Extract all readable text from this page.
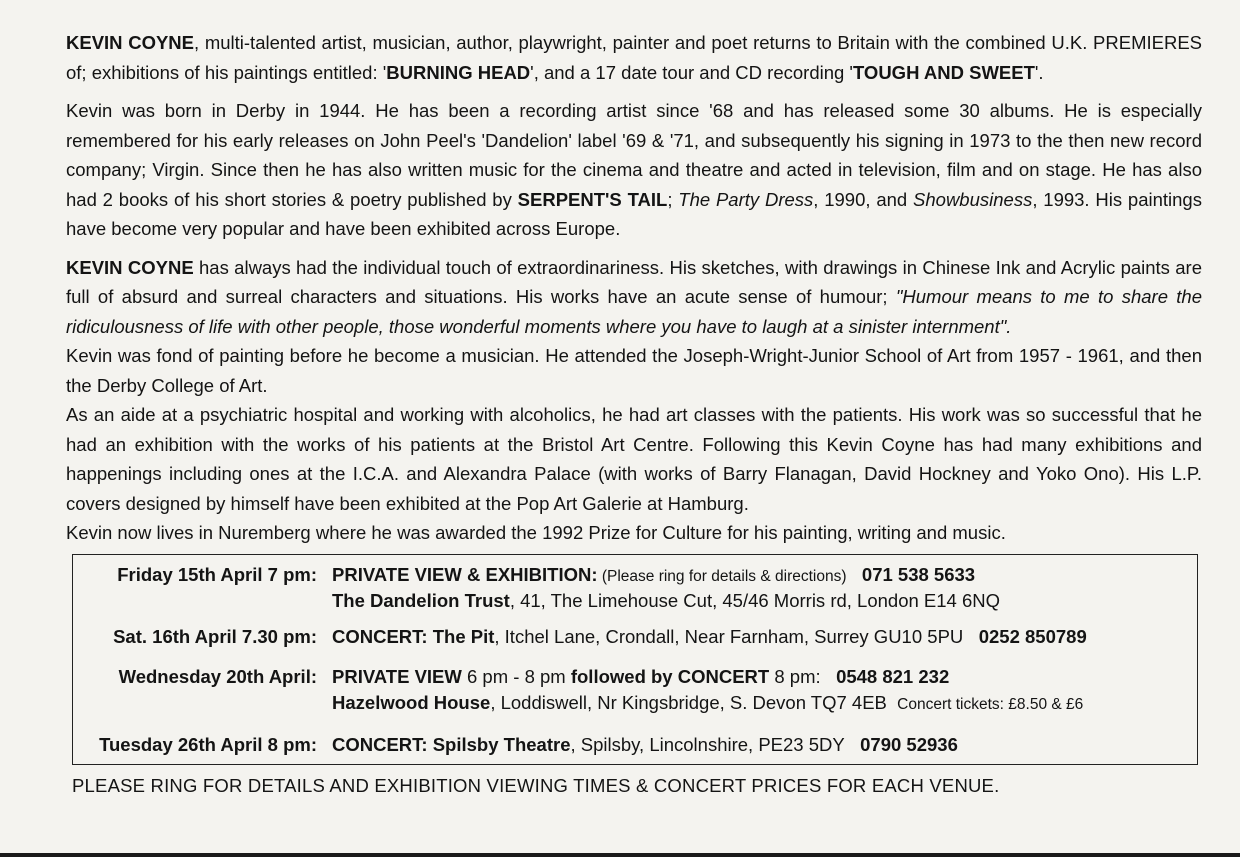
KEVIN COYNE, multi-talented artist, musician, author, playwright, painter and poet returns to Britain with the combined U.K. PREMIERES of; exhibitions of his paintings entitled: 'BURNING HEAD', and a 17 date tour and CD recording 'TOUGH AND SWEET'.

Kevin was born in Derby in 1944. He has been a recording artist since '68 and has released some 30 albums. He is especially remembered for his early releases on John Peel's 'Dandelion' label '69 & '71, and subsequently his signing in 1973 to the then new record company; Virgin. Since then he has also written music for the cinema and theatre and acted in television, film and on stage. He has also had 2 books of his short stories & poetry published by SERPENT'S TAIL; The Party Dress, 1990, and Showbusiness, 1993. His paintings have become very popular and have been exhibited across Europe.

KEVIN COYNE has always had the individual touch of extraordinariness. His sketches, with drawings in Chinese Ink and Acrylic paints are full of absurd and surreal characters and situations. His works have an acute sense of humour; "Humour means to me to share the ridiculousness of life with other people, those wonderful moments where you have to laugh at a sinister internment".

Kevin was fond of painting before he become a musician. He attended the Joseph-Wright-Junior School of Art from 1957 - 1961, and then the Derby College of Art.

As an aide at a psychiatric hospital and working with alcoholics, he had art classes with the patients. His work was so successful that he had an exhibition with the works of his patients at the Bristol Art Centre. Following this Kevin Coyne has had many exhibitions and happenings including ones at the I.C.A. and Alexandra Palace (with works of Barry Flanagan, David Hockney and Yoko Ono). His L.P. covers designed by himself have been exhibited at the Pop Art Galerie at Hamburg.

Kevin now lives in Nuremberg where he was awarded the 1992 Prize for Culture for his painting, writing and music.

Friday 15th April 7 pm: PRIVATE VIEW & EXHIBITION: (Please ring for details & directions) 071 538 5633
The Dandelion Trust, 41, The Limehouse Cut, 45/46 Morris rd, London E14 6NQ
Sat. 16th April 7.30 pm: CONCERT: The Pit, Itchel Lane, Crondall, Near Farnham, Surrey GU10 5PU 0252 850789
Wednesday 20th April: PRIVATE VIEW 6 pm - 8 pm followed by CONCERT 8 pm: 0548 821 232
Hazelwood House, Loddiswell, Nr Kingsbridge, S. Devon TQ7 4EB Concert tickets: £8.50 & £6
Tuesday 26th April 8 pm: CONCERT: Spilsby Theatre, Spilsby, Lincolnshire, PE23 5DY 0790 52936
PLEASE RING FOR DETAILS AND EXHIBITION VIEWING TIMES & CONCERT PRICES FOR EACH VENUE.
